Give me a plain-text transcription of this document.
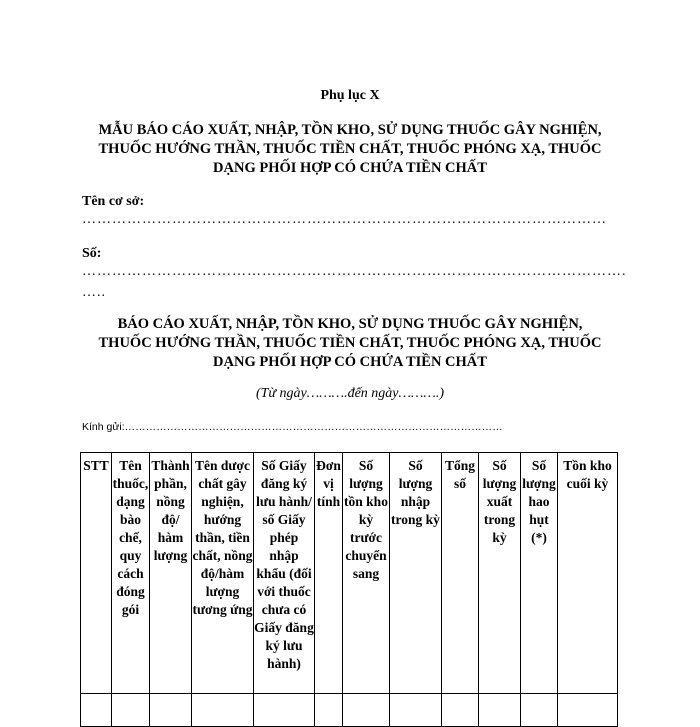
Phụ lục X
MẪU BÁO CÁO XUẤT, NHẬP, TỒN KHO, SỬ DỤNG THUỐC GÂY NGHIỆN,
THUỐC HƯỚNG THẦN, THUỐC TIỀN CHẤT, THUỐC PHÓNG XẠ, THUỐC
DẠNG PHỐI HỢP CÓ CHỨA TIỀN CHẤT
Tên cơ sở:
……………………………………………………………………………………………
Số:
……………………………………………………………………………………………….
…..
BÁO CÁO XUẤT, NHẬP, TỒN KHO, SỬ DỤNG THUỐC GÂY NGHIỆN,
THUỐC HƯỚNG THẦN, THUỐC TIỀN CHẤT, THUỐC PHÓNG XẠ, THUỐC
DẠNG PHỐI HỢP CÓ CHỨA TIỀN CHẤT
(Từ ngày……….đến ngày……….)
Kính gửi:………………………………………………………………………………………………
STT	Tên thuốc, dạng bào chế, quy cách đóng gói	Thành phần, nồng độ/ hàm lượng	Tên dược chất gây nghiện, hướng thần, tiền chất, nồng độ/hàm lượng tương ứng	Số Giấy đăng ký lưu hành/ số Giấy phép nhập khẩu (đối với thuốc chưa có Giấy đăng ký lưu hành)	Đơn vị tính	Số lượng tồn kho kỳ trước chuyển sang	Số lượng nhập trong kỳ	Tổng số	Số lượng xuất trong kỳ	Số lượng hao hụt (*)	Tồn kho cuối kỳ
